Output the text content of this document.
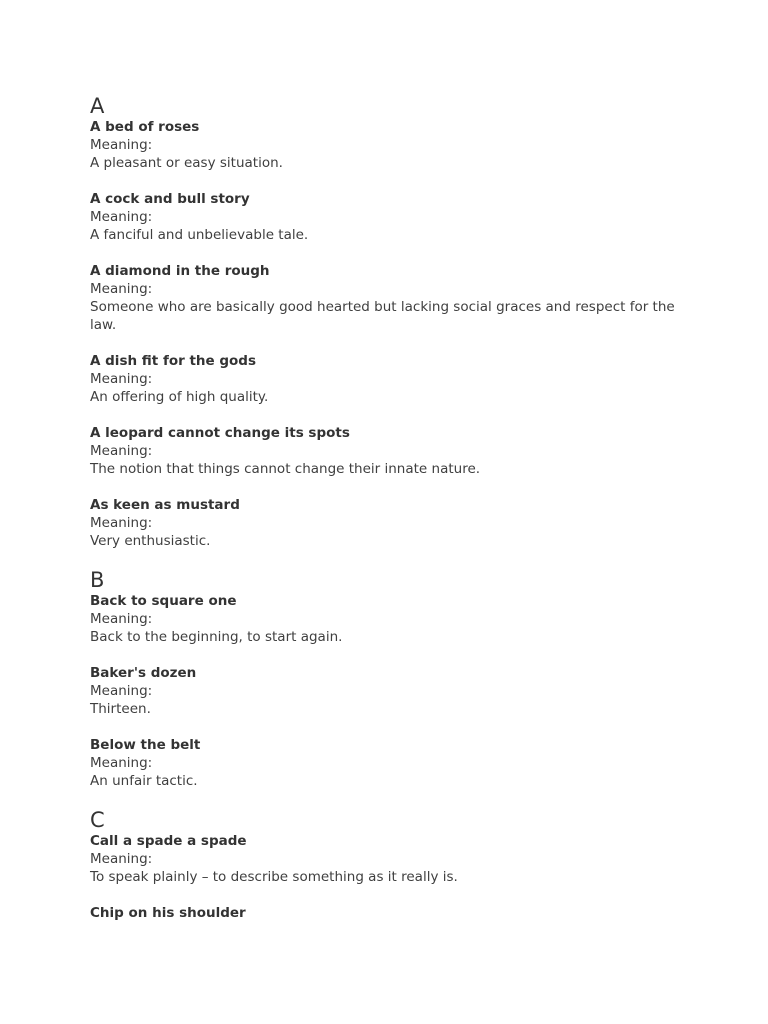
A
A bed of roses
Meaning:
A pleasant or easy situation.
A cock and bull story
Meaning:
A fanciful and unbelievable tale.
A diamond in the rough
Meaning:
Someone who are basically good hearted but lacking social graces and respect for the law.
A dish fit for the gods
Meaning:
An offering of high quality.
A leopard cannot change its spots
Meaning:
The notion that things cannot change their innate nature.
As keen as mustard
Meaning:
Very enthusiastic.
B
Back to square one
Meaning:
Back to the beginning, to start again.
Baker's dozen
Meaning:
Thirteen.
Below the belt
Meaning:
An unfair tactic.
C
Call a spade a spade
Meaning:
To speak plainly – to describe something as it really is.
Chip on his shoulder
